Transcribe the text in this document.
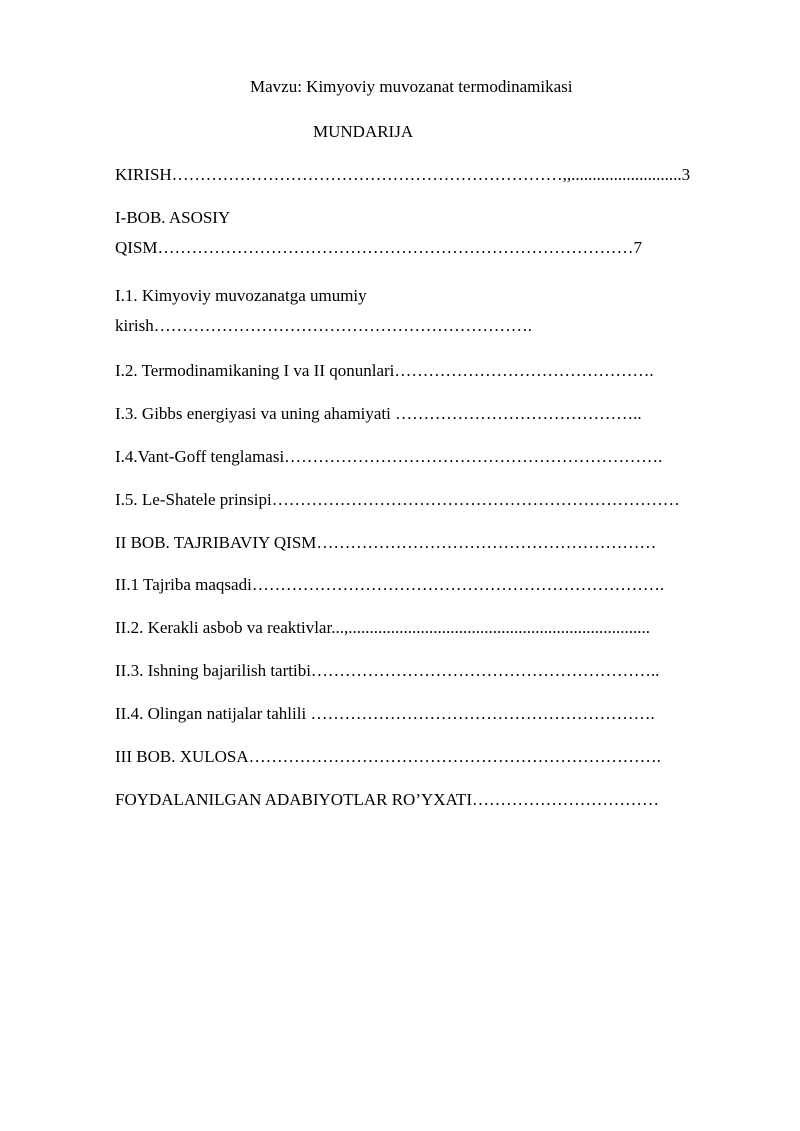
Mavzu: Kimyoviy muvozanat termodinamikasi
MUNDARIJA
KIRISH……………………………………………………………,,..........................3
I-BOB. ASOSIY
QISM…………………………………………………………………………7
I.1. Kimyoviy muvozanatga umumiy
kirish………………………………………………………….
I.2. Termodinamikaning I va II qonunlari……………………………………….
I.3. Gibbs energiyasi va uning ahamiyati ……………………………………..
I.4.Vant-Goff tenglamasi………………………………………………………….
I.5. Le-Shatele prinsipi………………………………………………………………
II BOB. TAJRIBAVIY QISM……………………………………………………
II.1 Tajriba maqsadi……………………………………………………………….
II.2. Kerakli asbob va reaktivlar...,.......................................................................
II.3. Ishning bajarilish tartibi……………………………………………………..
II.4. Olingan natijalar tahlili …………………………………………………….
III BOB. XULOSA……………………………………………………………….
FOYDALANILGAN ADABIYOTLAR RO’YXATI……………………………
